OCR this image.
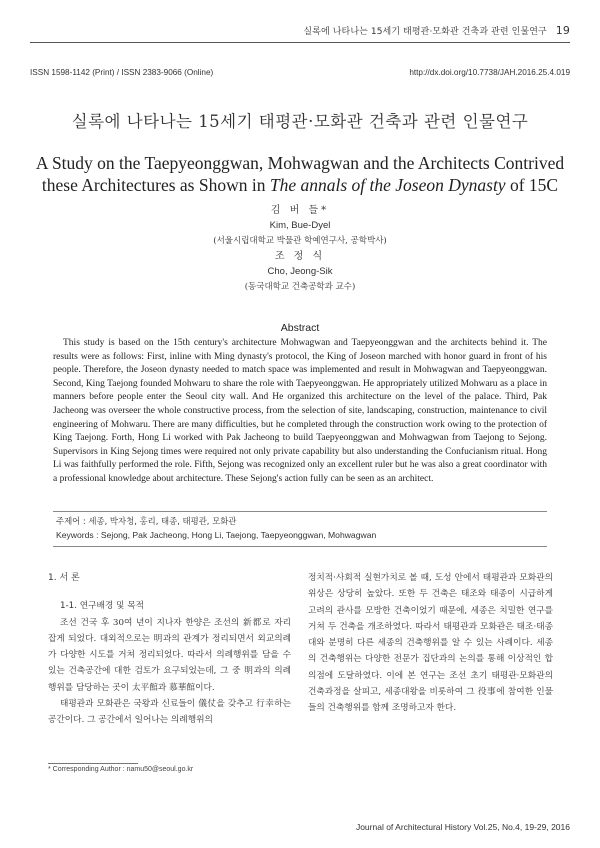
실록에 나타나는 15세기 태평관·모화관 건축과 관련 인물연구 19
ISSN 1598-1142 (Print) / ISSN 2383-9066 (Online)	http://dx.doi.org/10.7738/JAH.2016.25.4.019
실록에 나타나는 15세기 태평관·모화관 건축과 관련 인물연구
A Study on the Taepyeonggwan, Mohwagwan and the Architects Contrived
these Architectures as Shown in The annals of the Joseon Dynasty of 15C
김 버 들*
Kim, Bue-Dyel
(서울시립대학교 박물관 학예연구사, 공학박사)
조 정 식
Cho, Jeong-Sik
(동국대학교 건축공학과 교수)
Abstract
This study is based on the 15th century's architecture Mohwagwan and Taepyeonggwan and the architects behind it. The results were as follows: First, inline with Ming dynasty's protocol, the King of Joseon marched with honor guard in front of his people. Therefore, the Joseon dynasty needed to match space was implemented and result in Mohwagwan and Taepyeonggwan. Second, King Taejong founded Mohwaru to share the role with Taepyeonggwan. He appropriately utilized Mohwaru as a place in manners before people enter the Seoul city wall. And He organized this architecture on the level of the palace. Third, Pak Jacheong was overseer the whole constructive process, from the selection of site, landscaping, construction, maintenance to civil engineering of Mohwaru. There are many difficulties, but he completed through the construction work owing to the protection of King Taejong. Forth, Hong Li worked with Pak Jacheong to build Taepyeonggwan and Mohwagwan from Taejong to Sejong. Supervisors in King Sejong times were required not only private capability but also understanding the Confucianism ritual. Hong Li was faithfully performed the role. Fifth, Sejong was recognized only an excellent ruler but he was also a great coordinator with a professional knowledge about architecture. These Sejong's action fully can be seen as an architect.
주제어 : 세종, 박자청, 홍리, 태종, 태평관, 모화관
Keywords : Sejong, Pak Jacheong, Hong Li, Taejong, Taepyeonggwan, Mohwagwan
1. 서 론
1-1. 연구배경 및 목적

조선 건국 후 30여 년이 지나자 한양은 조선의 新都로 자리 잡게 되었다. 대외적으로는 明과의 관계가 정리되면서 외교의례가 다양한 시도를 거쳐 정리되었다. 따라서 의례행위를 담을 수 있는 건축공간에 대한 검토가 요구되었는데, 그 중 明과의 의례행위를 담당하는 곳이 太平館과 慕華館이다.

태평관과 모화관은 국왕과 신료들이 儀仗을 갖추고 行幸하는 공간이다. 그 공간에서 일어나는 의례행위의

정치적·사회적 실현가치로 볼 때, 도성 안에서 태평관과 모화관의 위상은 상당히 높았다. 또한 두 건축은 태조와 태종이 시급하게 고려의 관사를 모방한 건축이었기 때문에, 세종은 치밀한 연구를 거쳐 두 건축을 개조하였다. 따라서 태평관과 모화관은 태조·태종대와 분명히 다른 세종의 건축행위를 알 수 있는 사례이다. 세종의 건축행위는 다양한 전문가 집단과의 논의를 통해 이상적인 합의점에 도달하였다. 이에 본 연구는 조선 초기 태평관·모화관의 건축과정을 살피고, 세종대왕을 비롯하여 그 役事에 참여한 인물들의 건축행위를 함께 조명하고자 한다.

* Corresponding Author : namu50@seoul.go.kr
Journal of Architectural History Vol.25, No.4, 19-29, 2016
